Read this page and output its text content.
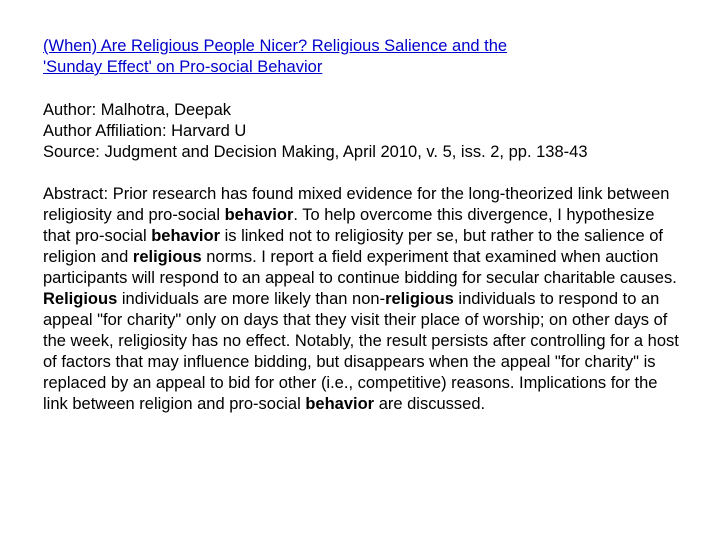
(When) Are Religious People Nicer? Religious Salience and the
'Sunday Effect' on Pro-social Behavior
Author: Malhotra, Deepak
Author Affiliation: Harvard U
Source: Judgment and Decision Making, April 2010, v. 5, iss. 2, pp. 138-43
Abstract: Prior research has found mixed evidence for the long-theorized link between religiosity and pro-social behavior. To help overcome this divergence, I hypothesize that pro-social behavior is linked not to religiosity per se, but rather to the salience of religion and religious norms. I report a field experiment that examined when auction participants will respond to an appeal to continue bidding for secular charitable causes. Religious individuals are more likely than non-religious individuals to respond to an appeal "for charity" only on days that they visit their place of worship; on other days of the week, religiosity has no effect. Notably, the result persists after controlling for a host of factors that may influence bidding, but disappears when the appeal "for charity" is replaced by an appeal to bid for other (i.e., competitive) reasons. Implications for the link between religion and pro-social behavior are discussed.
